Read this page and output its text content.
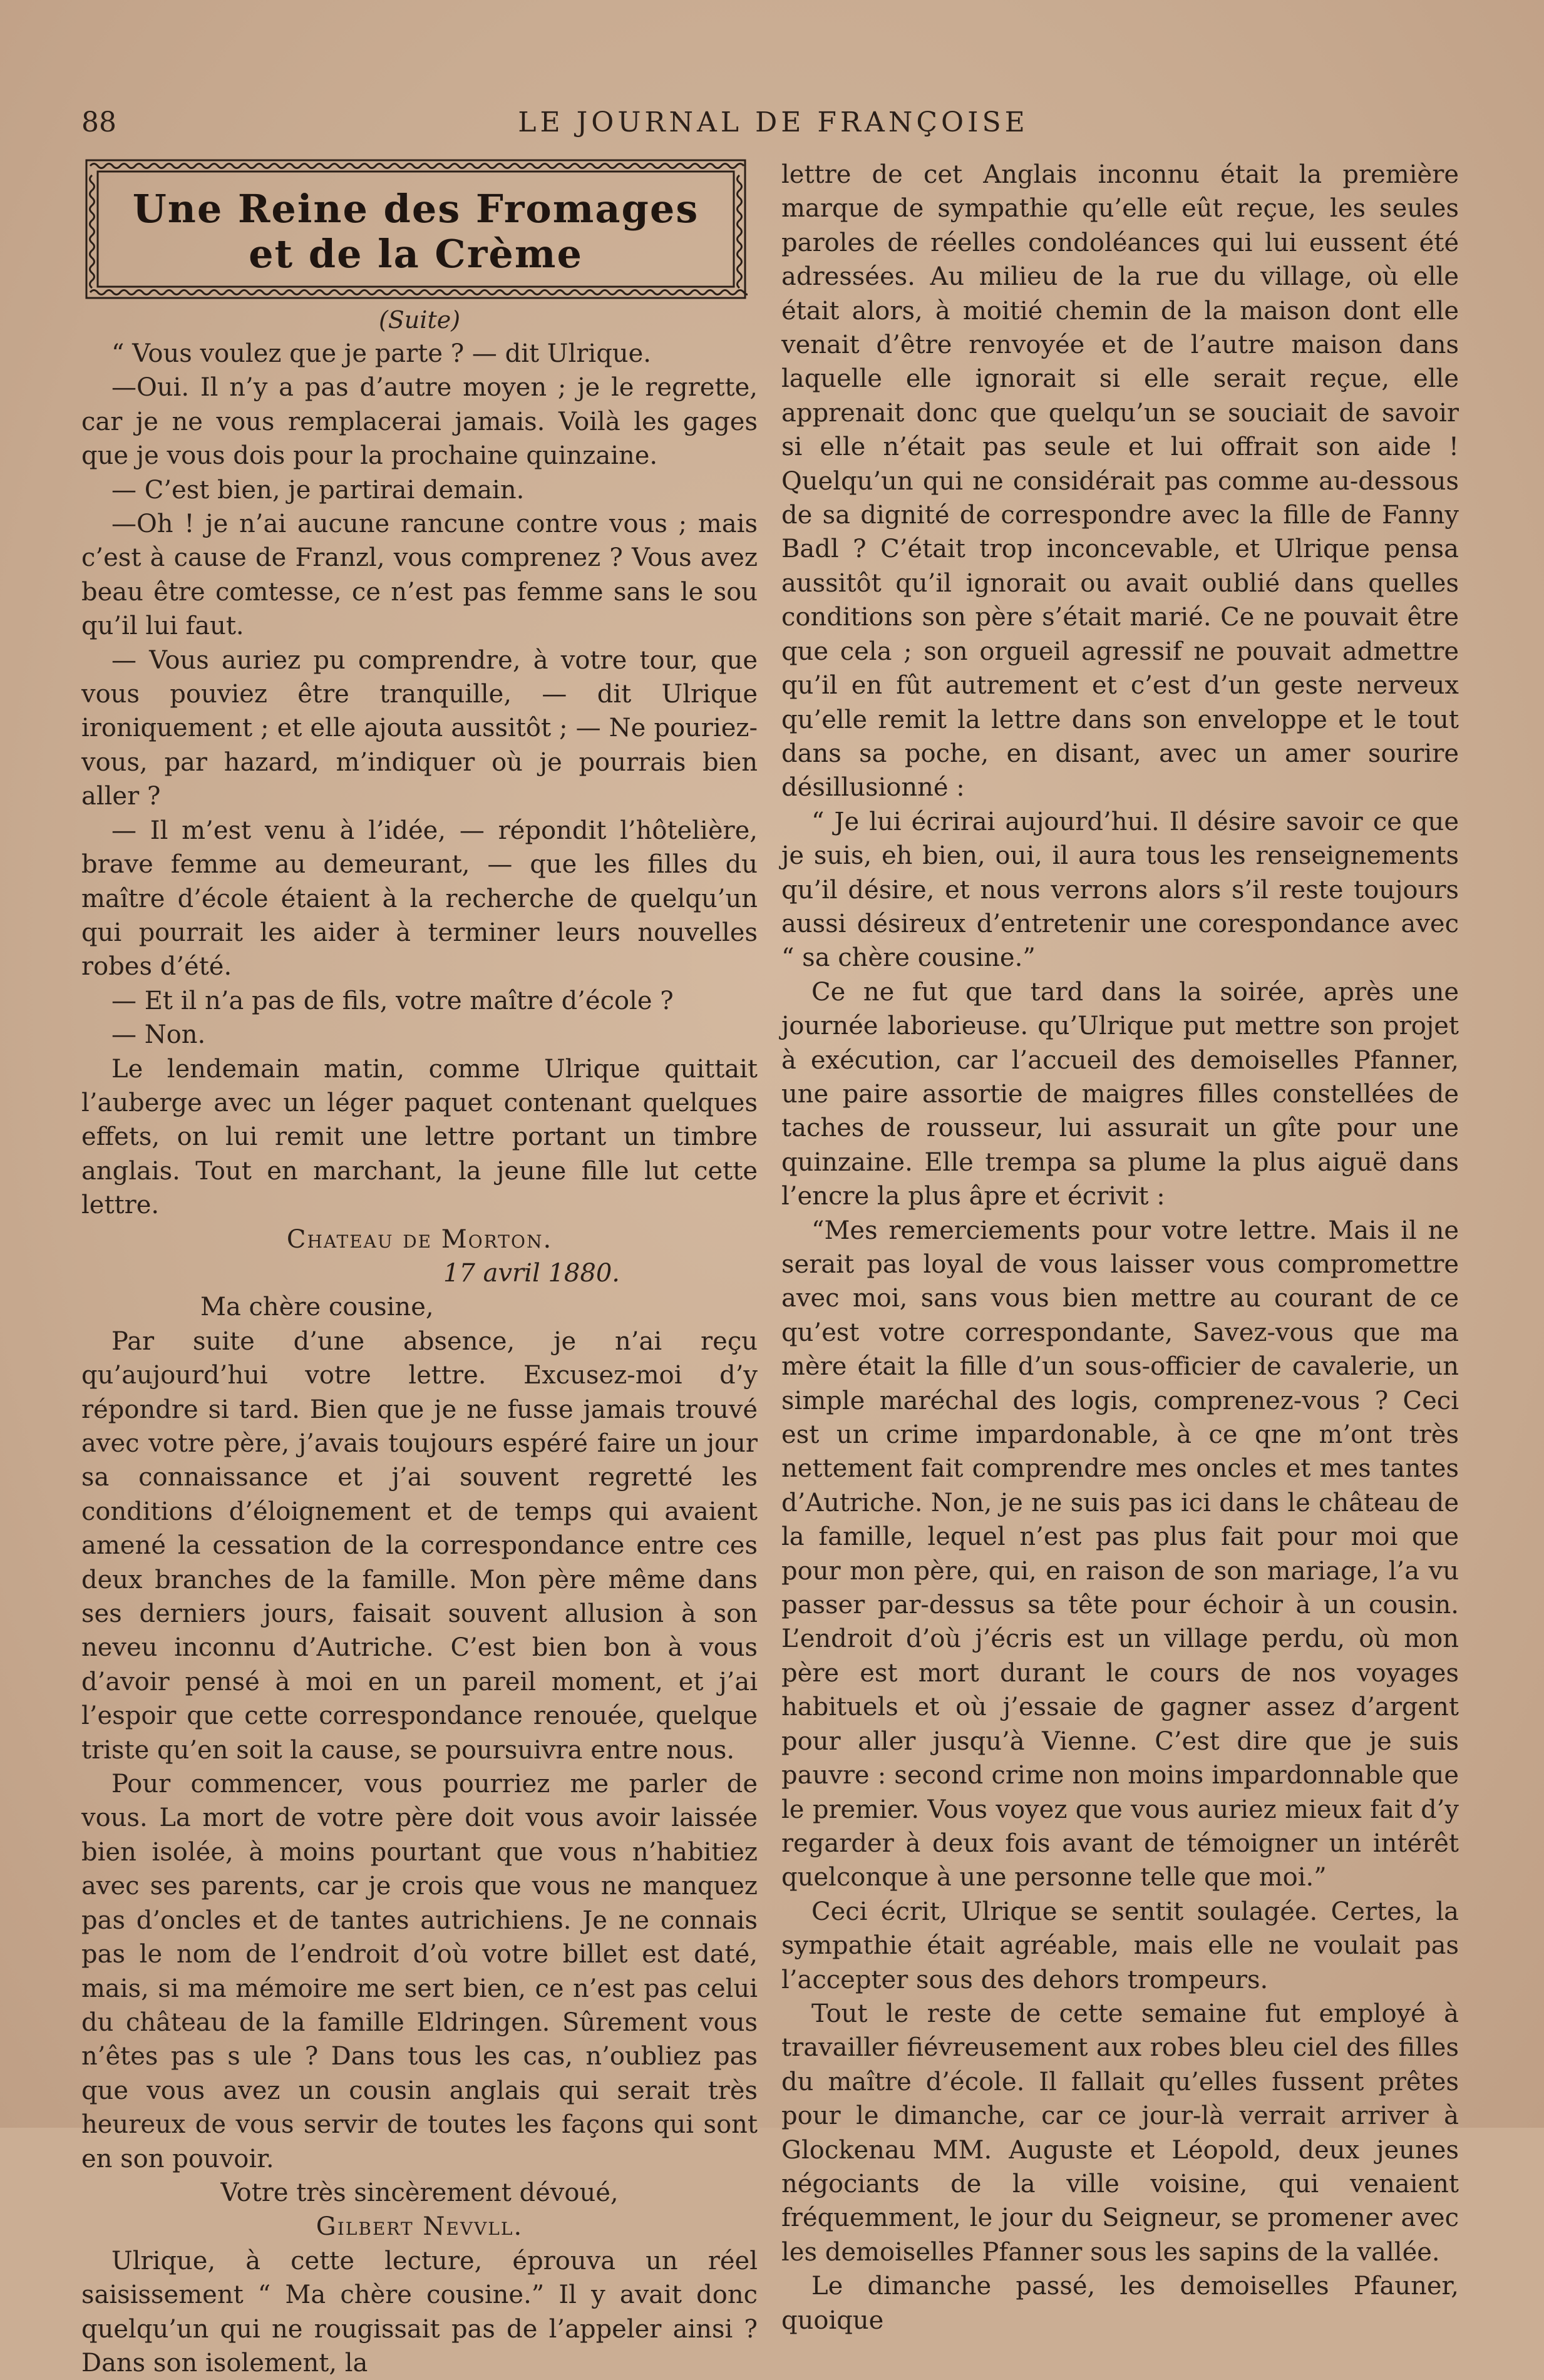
88	LE JOURNAL DE FRANÇOISE
Une Reine des Fromages
et de la Crème
(Suite)

“ Vous voulez que je parte ? — dit Ulrique.

—Oui. Il n’y a pas d’autre moyen ; je le regrette, car je ne vous remplacerai jamais. Voilà les gages que je vous dois pour la prochaine quinzaine.

— C’est bien, je partirai demain.

—Oh ! je n’ai aucune rancune contre vous ; mais c’est à cause de Franzl, vous comprenez ? Vous avez beau être comtesse, ce n’est pas femme sans le sou qu’il lui faut.

— Vous auriez pu comprendre, à votre tour, que vous pouviez être tranquille, — dit Ulrique ironiquement ; et elle ajouta aussitôt ; — Ne pouriez-vous, par hazard, m’indiquer où je pourrais bien aller ?

— Il m’est venu à l’idée, — répondit l’hôtelière, brave femme au demeurant, — que les filles du maître d’école étaient à la recherche de quelqu’un qui pourrait les aider à terminer leurs nouvelles robes d’été.

— Et il n’a pas de fils, votre maître d’école ?

— Non.

Le lendemain matin, comme Ulrique quittait l’auberge avec un léger paquet contenant quelques effets, on lui remit une lettre portant un timbre anglais. Tout en marchant, la jeune fille lut cette lettre.

Chateau de Morton.

17 avril 1880.

Ma chère cousine,

Par suite d’une absence, je n’ai reçu qu’aujourd’hui votre lettre. Excusez-moi d’y répondre si tard. Bien que je ne fusse jamais trouvé avec votre père, j’avais toujours espéré faire un jour sa connaissance et j’ai souvent regretté les conditions d’éloignement et de temps qui avaient amené la cessation de la correspondance entre ces deux branches de la famille. Mon père même dans ses derniers jours, faisait souvent allusion à son neveu inconnu d’Autriche. C’est bien bon à vous d’avoir pensé à moi en un pareil moment, et j’ai l’espoir que cette correspondance renouée, quelque triste qu’en soit la cause, se poursuivra entre nous.

Pour commencer, vous pourriez me parler de vous. La mort de votre père doit vous avoir laissée bien isolée, à moins pourtant que vous n’habitiez avec ses parents, car je crois que vous ne manquez pas d’oncles et de tantes autrichiens. Je ne connais pas le nom de l’endroit d’où votre billet est daté, mais, si ma mémoire me sert bien, ce n’est pas celui du château de la famille Eldringen. Sûrement vous n’êtes pas s ule ? Dans tous les cas, n’oubliez pas que vous avez un cousin anglais qui serait très heureux de vous servir de toutes les façons qui sont en son pouvoir.

Votre très sincèrement dévoué,

Gilbert Nevvll.

Ulrique, à cette lecture, éprouva un réel saisissement “ Ma chère cousine.” Il y avait donc quelqu’un qui ne rougissait pas de l’appeler ainsi ? Dans son isolement, la

lettre de cet Anglais inconnu était la première marque de sympathie qu’elle eût reçue, les seules paroles de réelles condoléances qui lui eussent été adressées. Au milieu de la rue du village, où elle était alors, à moitié chemin de la maison dont elle venait d’être renvoyée et de l’autre maison dans laquelle elle ignorait si elle serait reçue, elle apprenait donc que quelqu’un se souciait de savoir si elle n’était pas seule et lui offrait son aide ! Quelqu’un qui ne considérait pas comme au-dessous de sa dignité de correspondre avec la fille de Fanny Badl ? C’était trop inconcevable, et Ulrique pensa aussitôt qu’il ignorait ou avait oublié dans quelles conditions son père s’était marié. Ce ne pouvait être que cela ; son orgueil agressif ne pouvait admettre qu’il en fût autrement et c’est d’un geste nerveux qu’elle remit la lettre dans son enveloppe et le tout dans sa poche, en disant, avec un amer sourire désillusionné :

“ Je lui écrirai aujourd’hui. Il désire savoir ce que je suis, eh bien, oui, il aura tous les renseignements qu’il désire, et nous verrons alors s’il reste toujours aussi désireux d’entretenir une corespondance avec “ sa chère cousine.”

Ce ne fut que tard dans la soirée, après une journée laborieuse. qu’Ulrique put mettre son projet à exécution, car l’accueil des demoiselles Pfanner, une paire assortie de maigres filles constellées de taches de rousseur, lui assurait un gîte pour une quinzaine. Elle trempa sa plume la plus aiguë dans l’encre la plus âpre et écrivit :

“Mes remerciements pour votre lettre. Mais il ne serait pas loyal de vous laisser vous compromettre avec moi, sans vous bien mettre au courant de ce qu’est votre correspondante, Savez-vous que ma mère était la fille d’un sous-officier de cavalerie, un simple maréchal des logis, comprenez-vous ? Ceci est un crime impardonable, à ce qne m’ont très nettement fait comprendre mes oncles et mes tantes d’Autriche. Non, je ne suis pas ici dans le château de la famille, lequel n’est pas plus fait pour moi que pour mon père, qui, en raison de son mariage, l’a vu passer par-dessus sa tête pour échoir à un cousin. L’endroit d’où j’écris est un village perdu, où mon père est mort durant le cours de nos voyages habituels et où j’essaie de gagner assez d’argent pour aller jusqu’à Vienne. C’est dire que je suis pauvre : second crime non moins impardonnable que le premier. Vous voyez que vous auriez mieux fait d’y regarder à deux fois avant de témoigner un intérêt quelconque à une personne telle que moi.”

Ceci écrit, Ulrique se sentit soulagée. Certes, la sympathie était agréable, mais elle ne voulait pas l’accepter sous des dehors trompeurs.

Tout le reste de cette semaine fut employé à travailler fiévreusement aux robes bleu ciel des filles du maître d’école. Il fallait qu’elles fussent prêtes pour le dimanche, car ce jour-là verrait arriver à Glockenau MM. Auguste et Léopold, deux jeunes négociants de la ville voisine, qui venaient fréquemment, le jour du Seigneur, se promener avec les demoiselles Pfanner sous les sapins de la vallée.

Le dimanche passé, les demoiselles Pfauner, quoique
